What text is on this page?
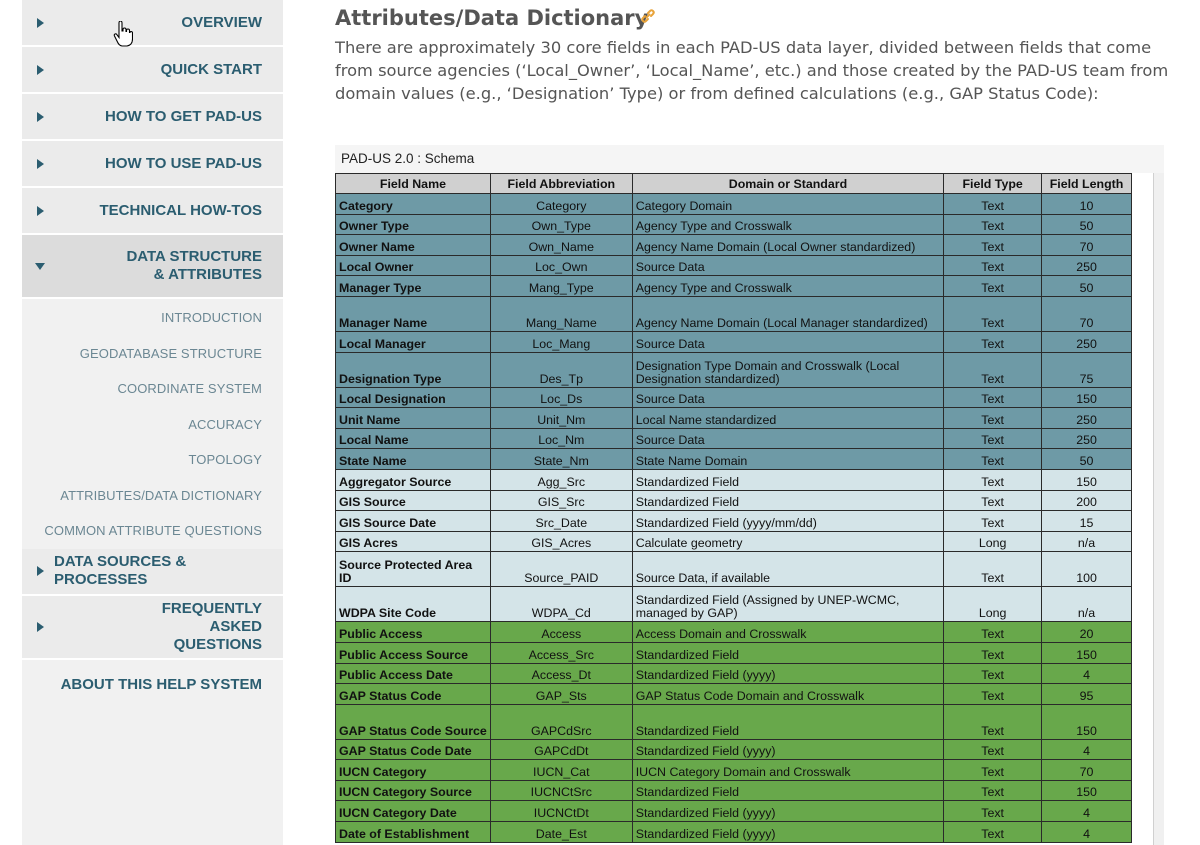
OVERVIEW
QUICK START
HOW TO GET PAD-US
HOW TO USE PAD-US
TECHNICAL HOW-TOS
DATA STRUCTURE & ATTRIBUTES
INTRODUCTION
GEODATABASE STRUCTURE
COORDINATE SYSTEM
ACCURACY
TOPOLOGY
ATTRIBUTES/DATA DICTIONARY
COMMON ATTRIBUTE QUESTIONS
DATA SOURCES & PROCESSES
FREQUENTLY ASKED QUESTIONS
ABOUT THIS HELP SYSTEM
Attributes/Data Dictionary

There are approximately 30 core fields in each PAD-US data layer, divided between fields that come from source agencies (‘Local_Owner’, ‘Local_Name’, etc.) and those created by the PAD-US team from domain values (e.g., ‘Designation’ Type) or from defined calculations (e.g., GAP Status Code):

PAD-US 2.0 : Schema
Field Name	Field Abbreviation	Domain or Standard	Field Type	Field Length
Category	Category	Category Domain	Text	10
Owner Type	Own_Type	Agency Type and Crosswalk	Text	50
Owner Name	Own_Name	Agency Name Domain (Local Owner standardized)	Text	70
Local Owner	Loc_Own	Source Data	Text	250
Manager Type	Mang_Type	Agency Type and Crosswalk	Text	50
Manager Name	Mang_Name	Agency Name Domain (Local Manager standardized)	Text	70
Local Manager	Loc_Mang	Source Data	Text	250
Designation Type	Des_Tp	Designation Type Domain and Crosswalk (Local Designation standardized)	Text	75
Local Designation	Loc_Ds	Source Data	Text	150
Unit Name	Unit_Nm	Local Name standardized	Text	250
Local Name	Loc_Nm	Source Data	Text	250
State Name	State_Nm	State Name Domain	Text	50
Aggregator Source	Agg_Src	Standardized Field	Text	150
GIS Source	GIS_Src	Standardized Field	Text	200
GIS Source Date	Src_Date	Standardized Field (yyyy/mm/dd)	Text	15
GIS Acres	GIS_Acres	Calculate geometry	Long	n/a
Source Protected Area ID	Source_PAID	Source Data, if available	Text	100
WDPA Site Code	WDPA_Cd	Standardized Field (Assigned by UNEP-WCMC, managed by GAP)	Long	n/a
Public Access	Access	Access Domain and Crosswalk	Text	20
Public Access Source	Access_Src	Standardized Field	Text	150
Public Access Date	Access_Dt	Standardized Field (yyyy)	Text	4
GAP Status Code	GAP_Sts	GAP Status Code Domain and Crosswalk	Text	95
GAP Status Code Source	GAPCdSrc	Standardized Field	Text	150
GAP Status Code Date	GAPCdDt	Standardized Field (yyyy)	Text	4
IUCN Category	IUCN_Cat	IUCN Category Domain and Crosswalk	Text	70
IUCN Category Source	IUCNCtSrc	Standardized Field	Text	150
IUCN Category Date	IUCNCtDt	Standardized Field (yyyy)	Text	4
Date of Establishment	Date_Est	Standardized Field (yyyy)	Text	4
